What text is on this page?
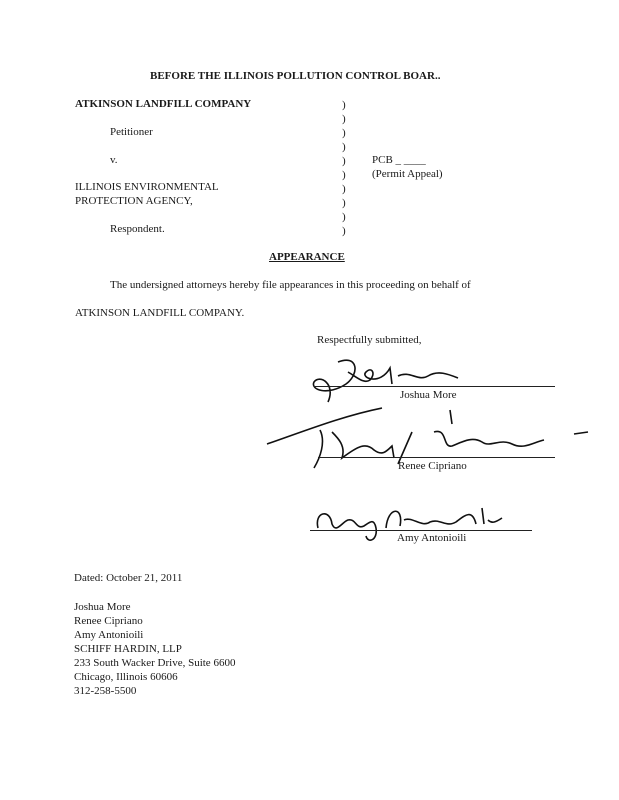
BEFORE THE ILLINOIS POLLUTION CONTROL BOAR..
ATKINSON LANDFILL COMPANY
Petitioner
v.
ILLINOIS ENVIRONMENTAL
PROTECTION AGENCY,
Respondent.
)
)
)
)
)
)
)
)
)
)
PCB _ ____
(Permit Appeal)
APPEARANCE
The undersigned attorneys hereby file appearances in this proceeding on behalf of
ATKINSON LANDFILL COMPANY.
Respectfully submitted,
Joshua More
Renee Cipriano
Amy Antonioili
Dated: October 21, 2011
Joshua More
Renee Cipriano
Amy Antonioili
SCHIFF HARDIN, LLP
233 South Wacker Drive, Suite 6600
Chicago, Illinois 60606
312-258-5500
